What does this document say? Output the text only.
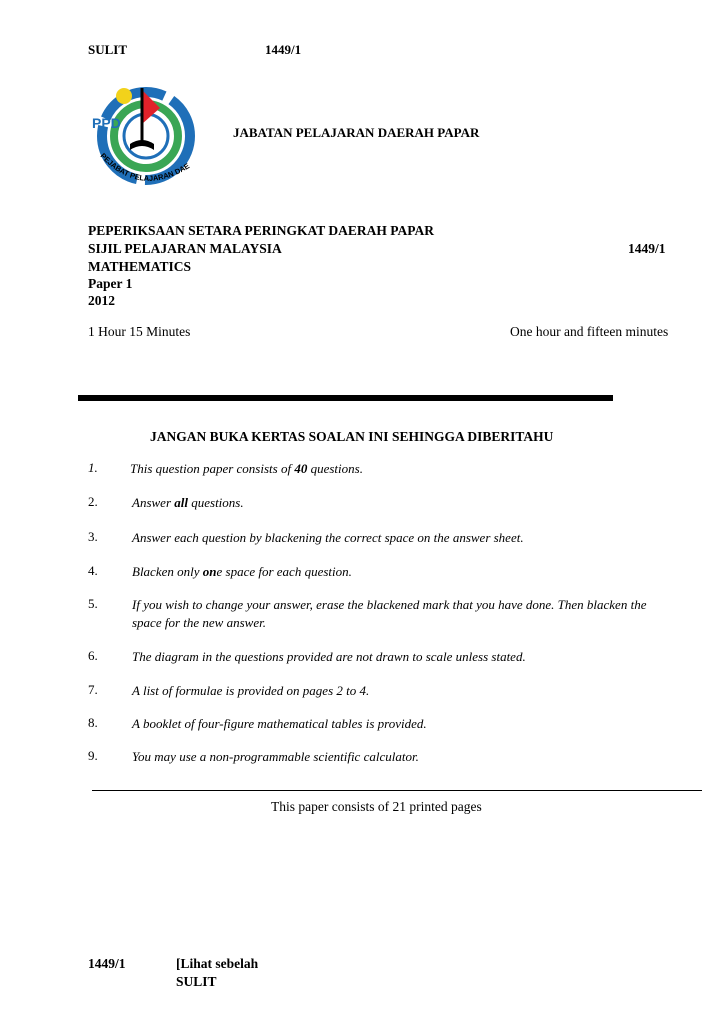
SULIT	1449/1
PPD
PEJABAT PELAJARAN DAE
JABATAN PELAJARAN DAERAH PAPAR
PEPERIKSAAN SETARA PERINGKAT DAERAH PAPAR
SIJIL PELAJARAN MALAYSIA	1449/1
MATHEMATICS
Paper 1
2012
1 Hour 15 Minutes	One hour and fifteen minutes
JANGAN BUKA KERTAS SOALAN INI SEHINGGA DIBERITAHU
1.	This question paper consists of 40 questions.
2.	Answer all questions.
3.	Answer each question by blackening the correct space on the answer sheet.
4.	Blacken only one space for each question.
5.	If you wish to change your answer, erase the blackened mark that you have done. Then blacken the space for the new answer.
6.	The diagram in the questions provided are not drawn to scale unless stated.
7.	A list of formulae is provided on pages 2 to 4.
8.	A booklet of four-figure mathematical tables is provided.
9.	You may use a non-programmable scientific calculator.
This paper consists of 21 printed pages
1449/1	[Lihat sebelah
SULIT
